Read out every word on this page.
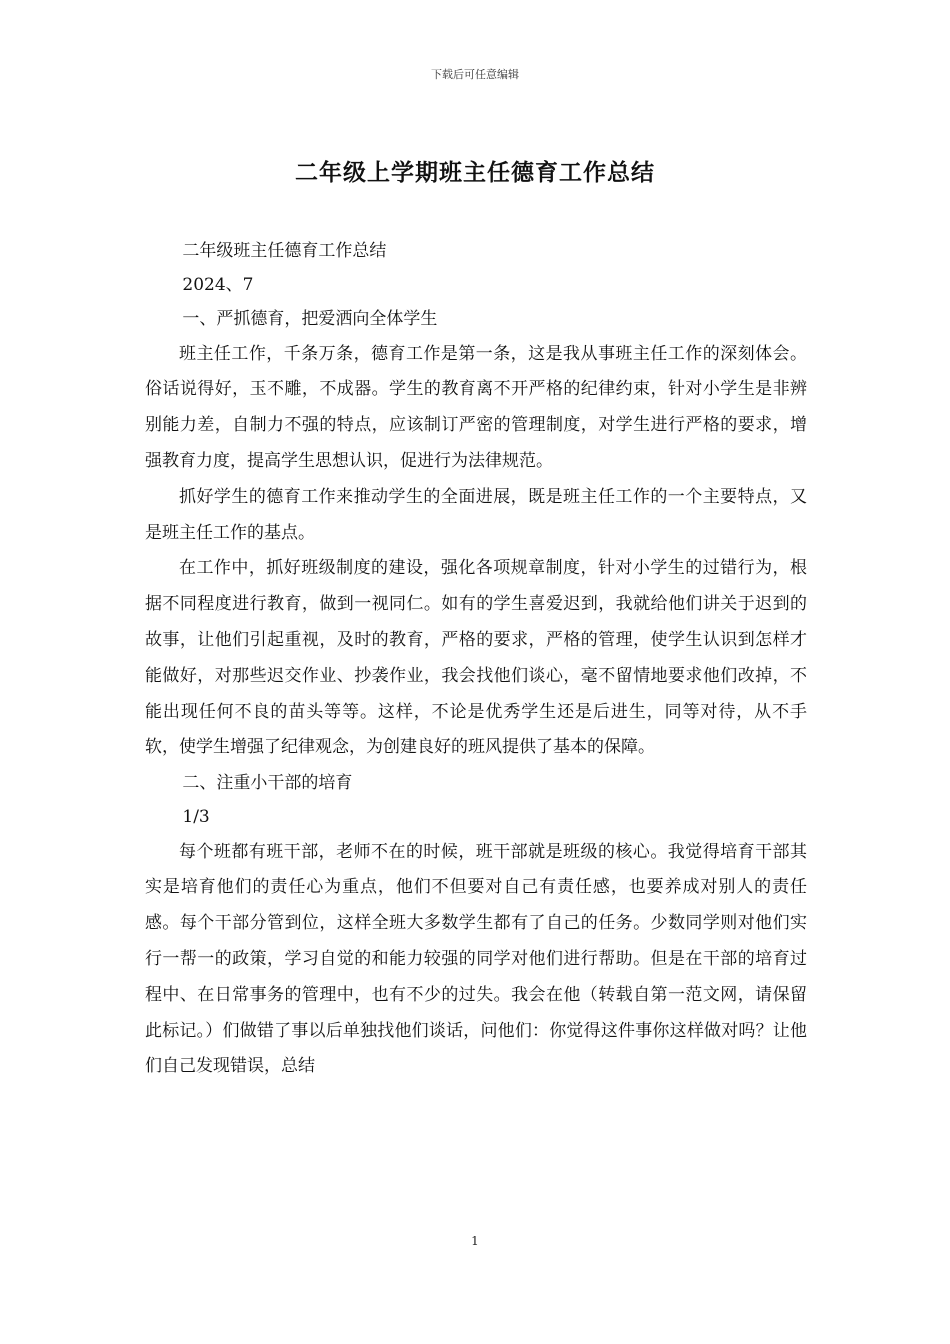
下载后可任意编辑
二年级上学期班主任德育工作总结
二年级班主任德育工作总结
2024、7
一、严抓德育，把爱洒向全体学生

班主任工作，千条万条，德育工作是第一条，这是我从事班主任工作的深刻体会。俗话说得好，玉不雕，不成器。学生的教育离不开严格的纪律约束，针对小学生是非辨别能力差，自制力不强的特点，应该制订严密的管理制度，对学生进行严格的要求，增强教育力度，提高学生思想认识，促进行为法律规范。

抓好学生的德育工作来推动学生的全面进展，既是班主任工作的一个主要特点，又是班主任工作的基点。

在工作中，抓好班级制度的建设，强化各项规章制度，针对小学生的过错行为，根据不同程度进行教育，做到一视同仁。如有的学生喜爱迟到，我就给他们讲关于迟到的故事，让他们引起重视，及时的教育，严格的要求，严格的管理，使学生认识到怎样才能做好，对那些迟交作业、抄袭作业，我会找他们谈心，毫不留情地要求他们改掉，不能出现任何不良的苗头等等。这样，不论是优秀学生还是后进生，同等对待，从不手软，使学生增强了纪律观念，为创建良好的班风提供了基本的保障。

二、注重小干部的培育
1/3

每个班都有班干部，老师不在的时候，班干部就是班级的核心。我觉得培育干部其实是培育他们的责任心为重点，他们不但要对自己有责任感，也要养成对别人的责任感。每个干部分管到位，这样全班大多数学生都有了自己的任务。少数同学则对他们实行一帮一的政策，学习自觉的和能力较强的同学对他们进行帮助。但是在干部的培育过程中、在日常事务的管理中，也有不少的过失。我会在他（转载自第一范文网，请保留此标记。）们做错了事以后单独找他们谈话，问他们：你觉得这件事你这样做对吗？让他们自己发现错误，总结

1
